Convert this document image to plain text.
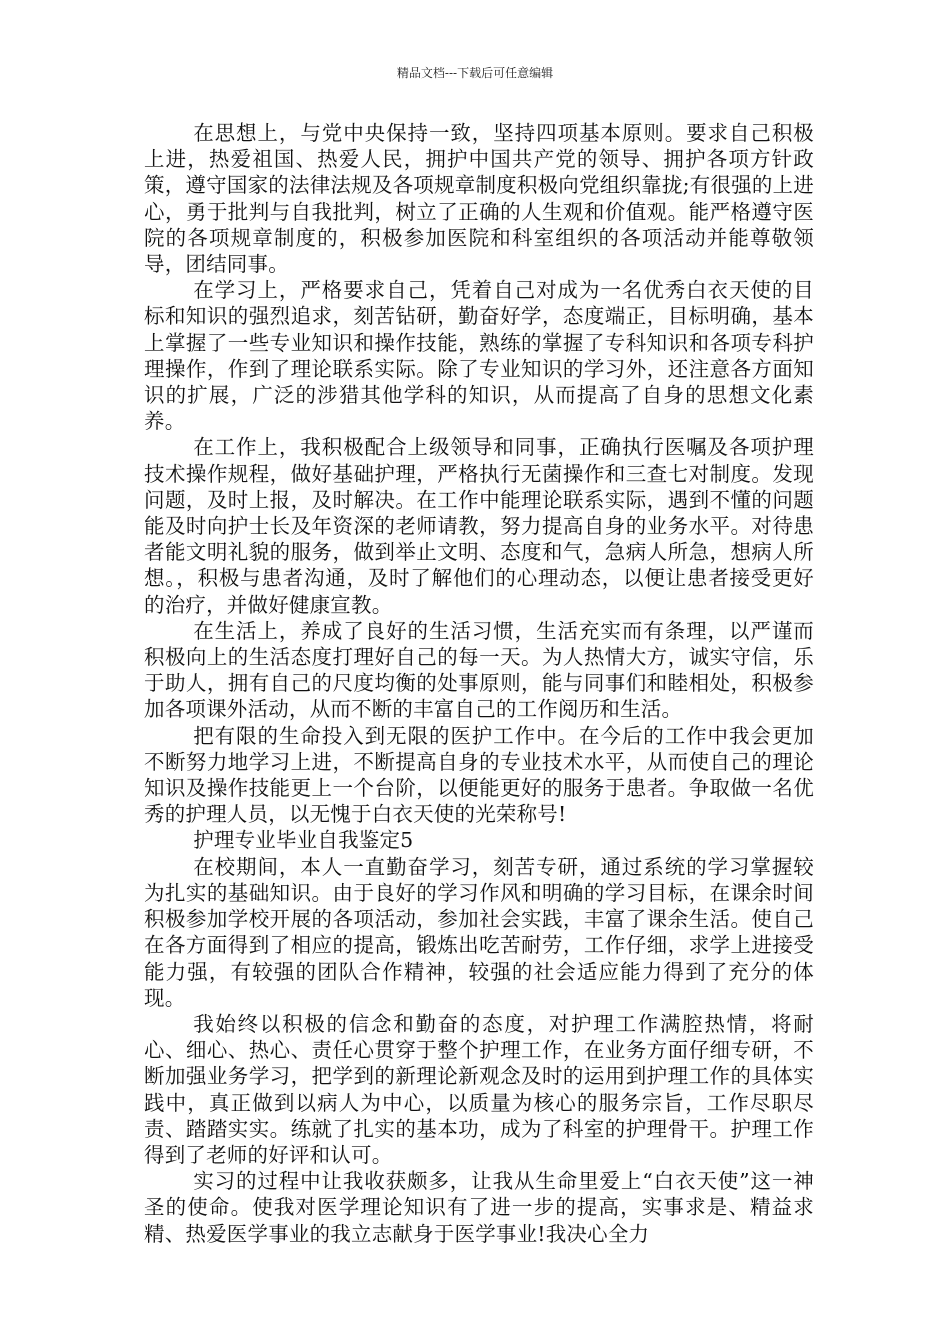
精品文档---下载后可任意编辑

在思想上，与党中央保持一致，坚持四项基本原则。要求自己积极上进，热爱祖国、热爱人民，拥护中国共产党的领导、拥护各项方针政策，遵守国家的法律法规及各项规章制度积极向党组织靠拢;有很强的上进心，勇于批判与自我批判，树立了正确的人生观和价值观。能严格遵守医院的各项规章制度的，积极参加医院和科室组织的各项活动并能尊敬领导，团结同事。

在学习上，严格要求自己，凭着自己对成为一名优秀白衣天使的目标和知识的强烈追求，刻苦钻研，勤奋好学，态度端正，目标明确，基本上掌握了一些专业知识和操作技能，熟练的掌握了专科知识和各项专科护理操作，作到了理论联系实际。除了专业知识的学习外，还注意各方面知识的扩展，广泛的涉猎其他学科的知识，从而提高了自身的思想文化素养。

在工作上，我积极配合上级领导和同事，正确执行医嘱及各项护理技术操作规程，做好基础护理，严格执行无菌操作和三查七对制度。发现问题，及时上报，及时解决。在工作中能理论联系实际，遇到不懂的问题能及时向护士长及年资深的老师请教，努力提高自身的业务水平。对待患者能文明礼貌的服务，做到举止文明、态度和气，急病人所急，想病人所想。，积极与患者沟通，及时了解他们的心理动态，以便让患者接受更好的治疗，并做好健康宣教。

在生活上，养成了良好的生活习惯，生活充实而有条理，以严谨而积极向上的生活态度打理好自己的每一天。为人热情大方，诚实守信，乐于助人，拥有自己的尺度均衡的处事原则，能与同事们和睦相处，积极参加各项课外活动，从而不断的丰富自己的工作阅历和生活。

把有限的生命投入到无限的医护工作中。在今后的工作中我会更加不断努力地学习上进，不断提高自身的专业技术水平，从而使自己的理论知识及操作技能更上一个台阶，以便能更好的服务于患者。争取做一名优秀的护理人员，以无愧于白衣天使的光荣称号!

护理专业毕业自我鉴定5

在校期间，本人一直勤奋学习，刻苦专研，通过系统的学习掌握较为扎实的基础知识。由于良好的学习作风和明确的学习目标，在课余时间积极参加学校开展的各项活动，参加社会实践，丰富了课余生活。使自己在各方面得到了相应的提高，锻炼出吃苦耐劳，工作仔细，求学上进接受能力强，有较强的团队合作精神，较强的社会适应能力得到了充分的体现。

我始终以积极的信念和勤奋的态度，对护理工作满腔热情，将耐心、细心、热心、责任心贯穿于整个护理工作，在业务方面仔细专研，不断加强业务学习，把学到的新理论新观念及时的运用到护理工作的具体实践中，真正做到以病人为中心，以质量为核心的服务宗旨，工作尽职尽责、踏踏实实。练就了扎实的基本功，成为了科室的护理骨干。护理工作得到了老师的好评和认可。

实习的过程中让我收获颇多，让我从生命里爱上“白衣天使”这一神圣的使命。使我对医学理论知识有了进一步的提高，实事求是、精益求精、热爱医学事业的我立志献身于医学事业!我决心全力
